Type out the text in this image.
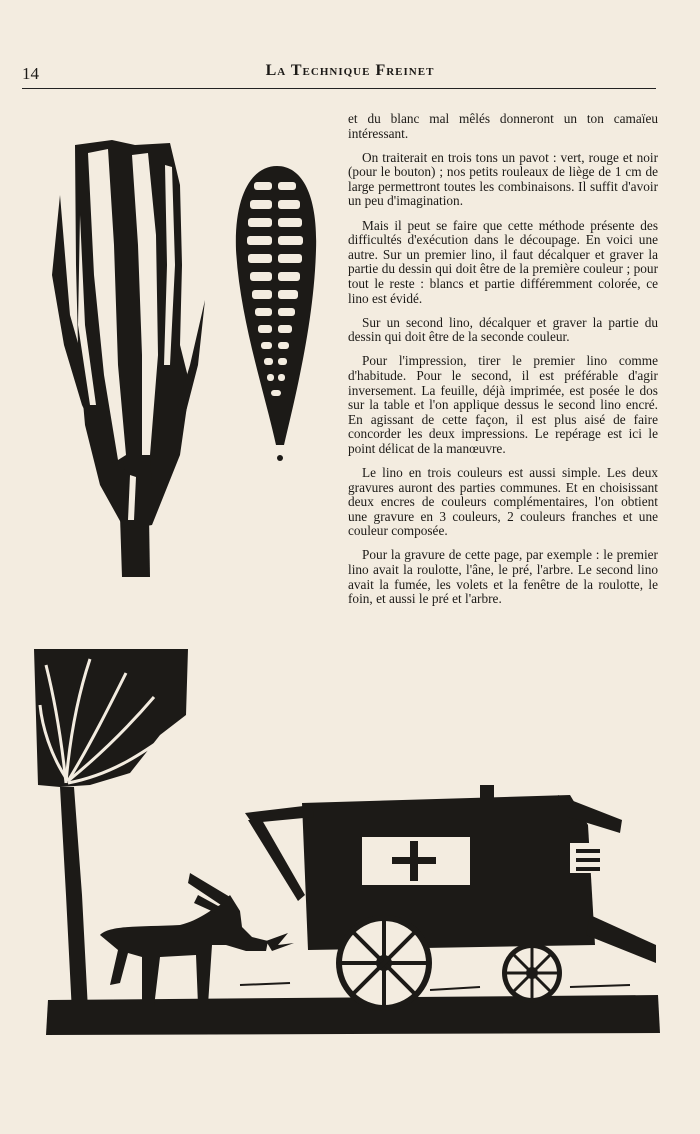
14	La Technique Freinet

et du blanc mal mêlés donneront un ton camaïeu intéressant.

On traiterait en trois tons un pavot : vert, rouge et noir (pour le bouton) ; nos petits rouleaux de liège de 1 cm de large permettront toutes les combinaisons. Il suffit d'avoir un peu d'imagination.

Mais il peut se faire que cette méthode présente des difficultés d'exécution dans le découpage. En voici une autre. Sur un premier lino, il faut décalquer et graver la partie du dessin qui doit être de la première couleur ; pour tout le reste : blancs et partie différemment colorée, ce lino est évidé.

Sur un second lino, décalquer et graver la partie du dessin qui doit être de la seconde couleur.

Pour l'impression, tirer le premier lino comme d'habitude. Pour le second, il est préférable d'agir inversement. La feuille, déjà imprimée, est posée le dos sur la table et l'on applique dessus le second lino encré. En agissant de cette façon, il est plus aisé de faire concorder les deux impressions. Le repérage est ici le point délicat de la manœuvre.

Le lino en trois couleurs est aussi simple. Les deux gravures auront des parties communes. Et en choisissant deux encres de couleurs complémentaires, l'on obtient une gravure en 3 couleurs, 2 couleurs franches et une couleur composée.

Pour la gravure de cette page, par exemple : le premier lino avait la roulotte, l'âne, le pré, l'arbre. Le second lino avait la fumée, les volets et la fenêtre de la roulotte, le foin, et aussi le pré et l'arbre.
